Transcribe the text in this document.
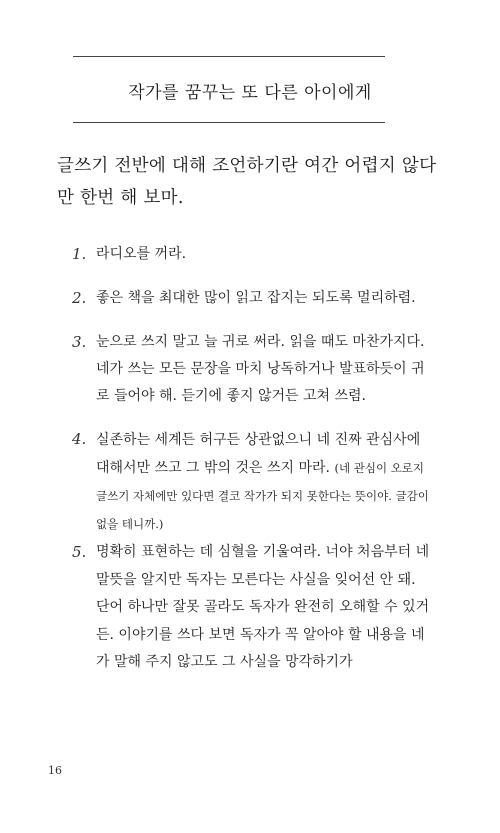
작가를 꿈꾸는 또 다른 아이에게
글쓰기 전반에 대해 조언하기란 여간 어렵지 않다만 한번 해 보마.
1. 라디오를 꺼라.
2. 좋은 책을 최대한 많이 읽고 잡지는 되도록 멀리하렴.
3. 눈으로 쓰지 말고 늘 귀로 써라. 읽을 때도 마찬가지다. 네가 쓰는 모든 문장을 마치 낭독하거나 발표하듯이 귀로 들어야 해. 듣기에 좋지 않거든 고쳐 쓰렴.
4. 실존하는 세계든 허구든 상관없으니 네 진짜 관심사에 대해서만 쓰고 그 밖의 것은 쓰지 마라. (네 관심이 오로지 글쓰기 자체에만 있다면 결코 작가가 되지 못한다는 뜻이야. 글감이 없을 테니까.)
5. 명확히 표현하는 데 심혈을 기울여라. 너야 처음부터 네 말뜻을 알지만 독자는 모른다는 사실을 잊어선 안 돼. 단어 하나만 잘못 골라도 독자가 완전히 오해할 수 있거든. 이야기를 쓰다 보면 독자가 꼭 알아야 할 내용을 네가 말해 주지 않고도 그 사실을 망각하기가
16
